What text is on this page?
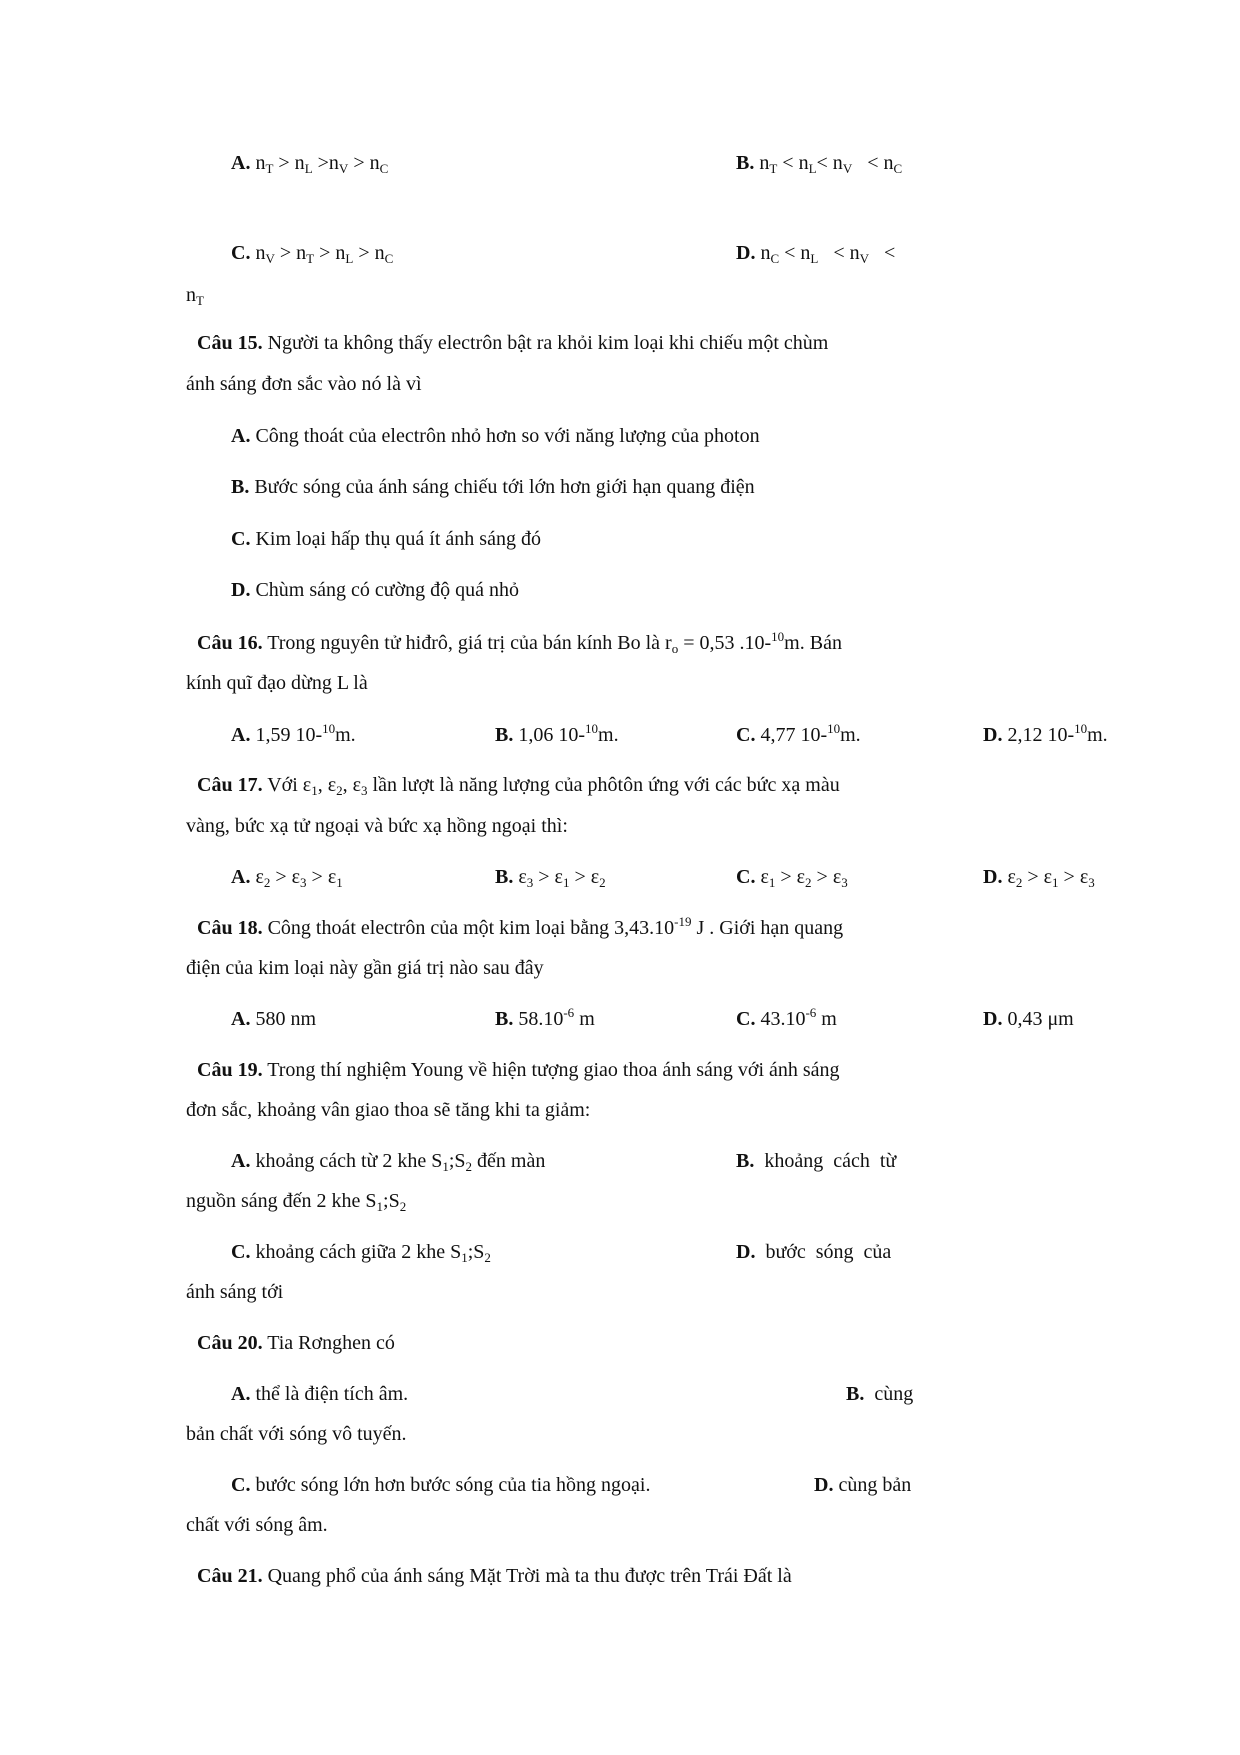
A. $n_T > n_L >n_V > n_C$	B. $n_T < n_L< n_V < n_C$
C. $n_V > n_T > n_L > n_C$	D. $n_C < n_L < n_V$   <
$n_T$
Câu 15. Người ta không thấy electrôn bật ra khỏi kim loại khi chiếu một chùm
ánh sáng đơn sắc vào nó là vì
A. Công thoát của electrôn nhỏ hơn so với năng lượng của photon
B. Bước sóng của ánh sáng chiếu tới lớn hơn giới hạn quang điện
C. Kim loại hấp thụ quá ít ánh sáng đó
D. Chùm sáng có cường độ quá nhỏ
Câu 16. Trong nguyên tử hiđrô, giá trị của bán kính Bo là $r_o = 0,53$ .10-$^{10}$m. Bán
kính quĩ đạo dừng L là
A. 1,59 10-$^{10}$m.	B. 1,06 10-$^{10}$m.	C. 4,77 10-$^{10}$m.	D. 2,12 10-$^{10}$m.
Câu 17. Với $\varepsilon_1$, $\varepsilon_2$, $\varepsilon_3$ lần lượt là năng lượng của phôtôn ứng với các bức xạ màu
vàng, bức xạ tử ngoại và bức xạ hồng ngoại thì:
A. $\varepsilon_2 > \varepsilon_3 > \varepsilon_1$	B. $\varepsilon_3 > \varepsilon_1 > \varepsilon_2$	C. $\varepsilon_1 > \varepsilon_2 > \varepsilon_3$	D. $\varepsilon_2 > \varepsilon_1 > \varepsilon_3$
Câu 18. Công thoát electrôn của một kim loại bằng $3,43.10^{-19}$ J . Giới hạn quang
điện của kim loại này gần giá trị nào sau đây
A. 580 nm	B. $58.10^{-6}$ m	C. $43.10^{-6}$ m	D. 0,43 μm
Câu 19. Trong thí nghiệm Young về hiện tượng giao thoa ánh sáng với ánh sáng
đơn sắc, khoảng vân giao thoa sẽ tăng khi ta giảm:
A. khoảng cách từ 2 khe $S_1;S_2$ đến màn	B.  khoảng  cách  từ
nguồn sáng đến 2 khe $S_1;S_2$
C. khoảng cách giữa 2 khe $S_1;S_2$	D.  bước  sóng  của
ánh sáng tới
Câu 20. Tia Rơnghen có
A. thể là điện tích âm.	B.  cùng
bản chất với sóng vô tuyến.
C. bước sóng lớn hơn bước sóng của tia hồng ngoại.	D. cùng bản
chất với sóng âm.
Câu 21. Quang phổ của ánh sáng Mặt Trời mà ta thu được trên Trái Đất là
